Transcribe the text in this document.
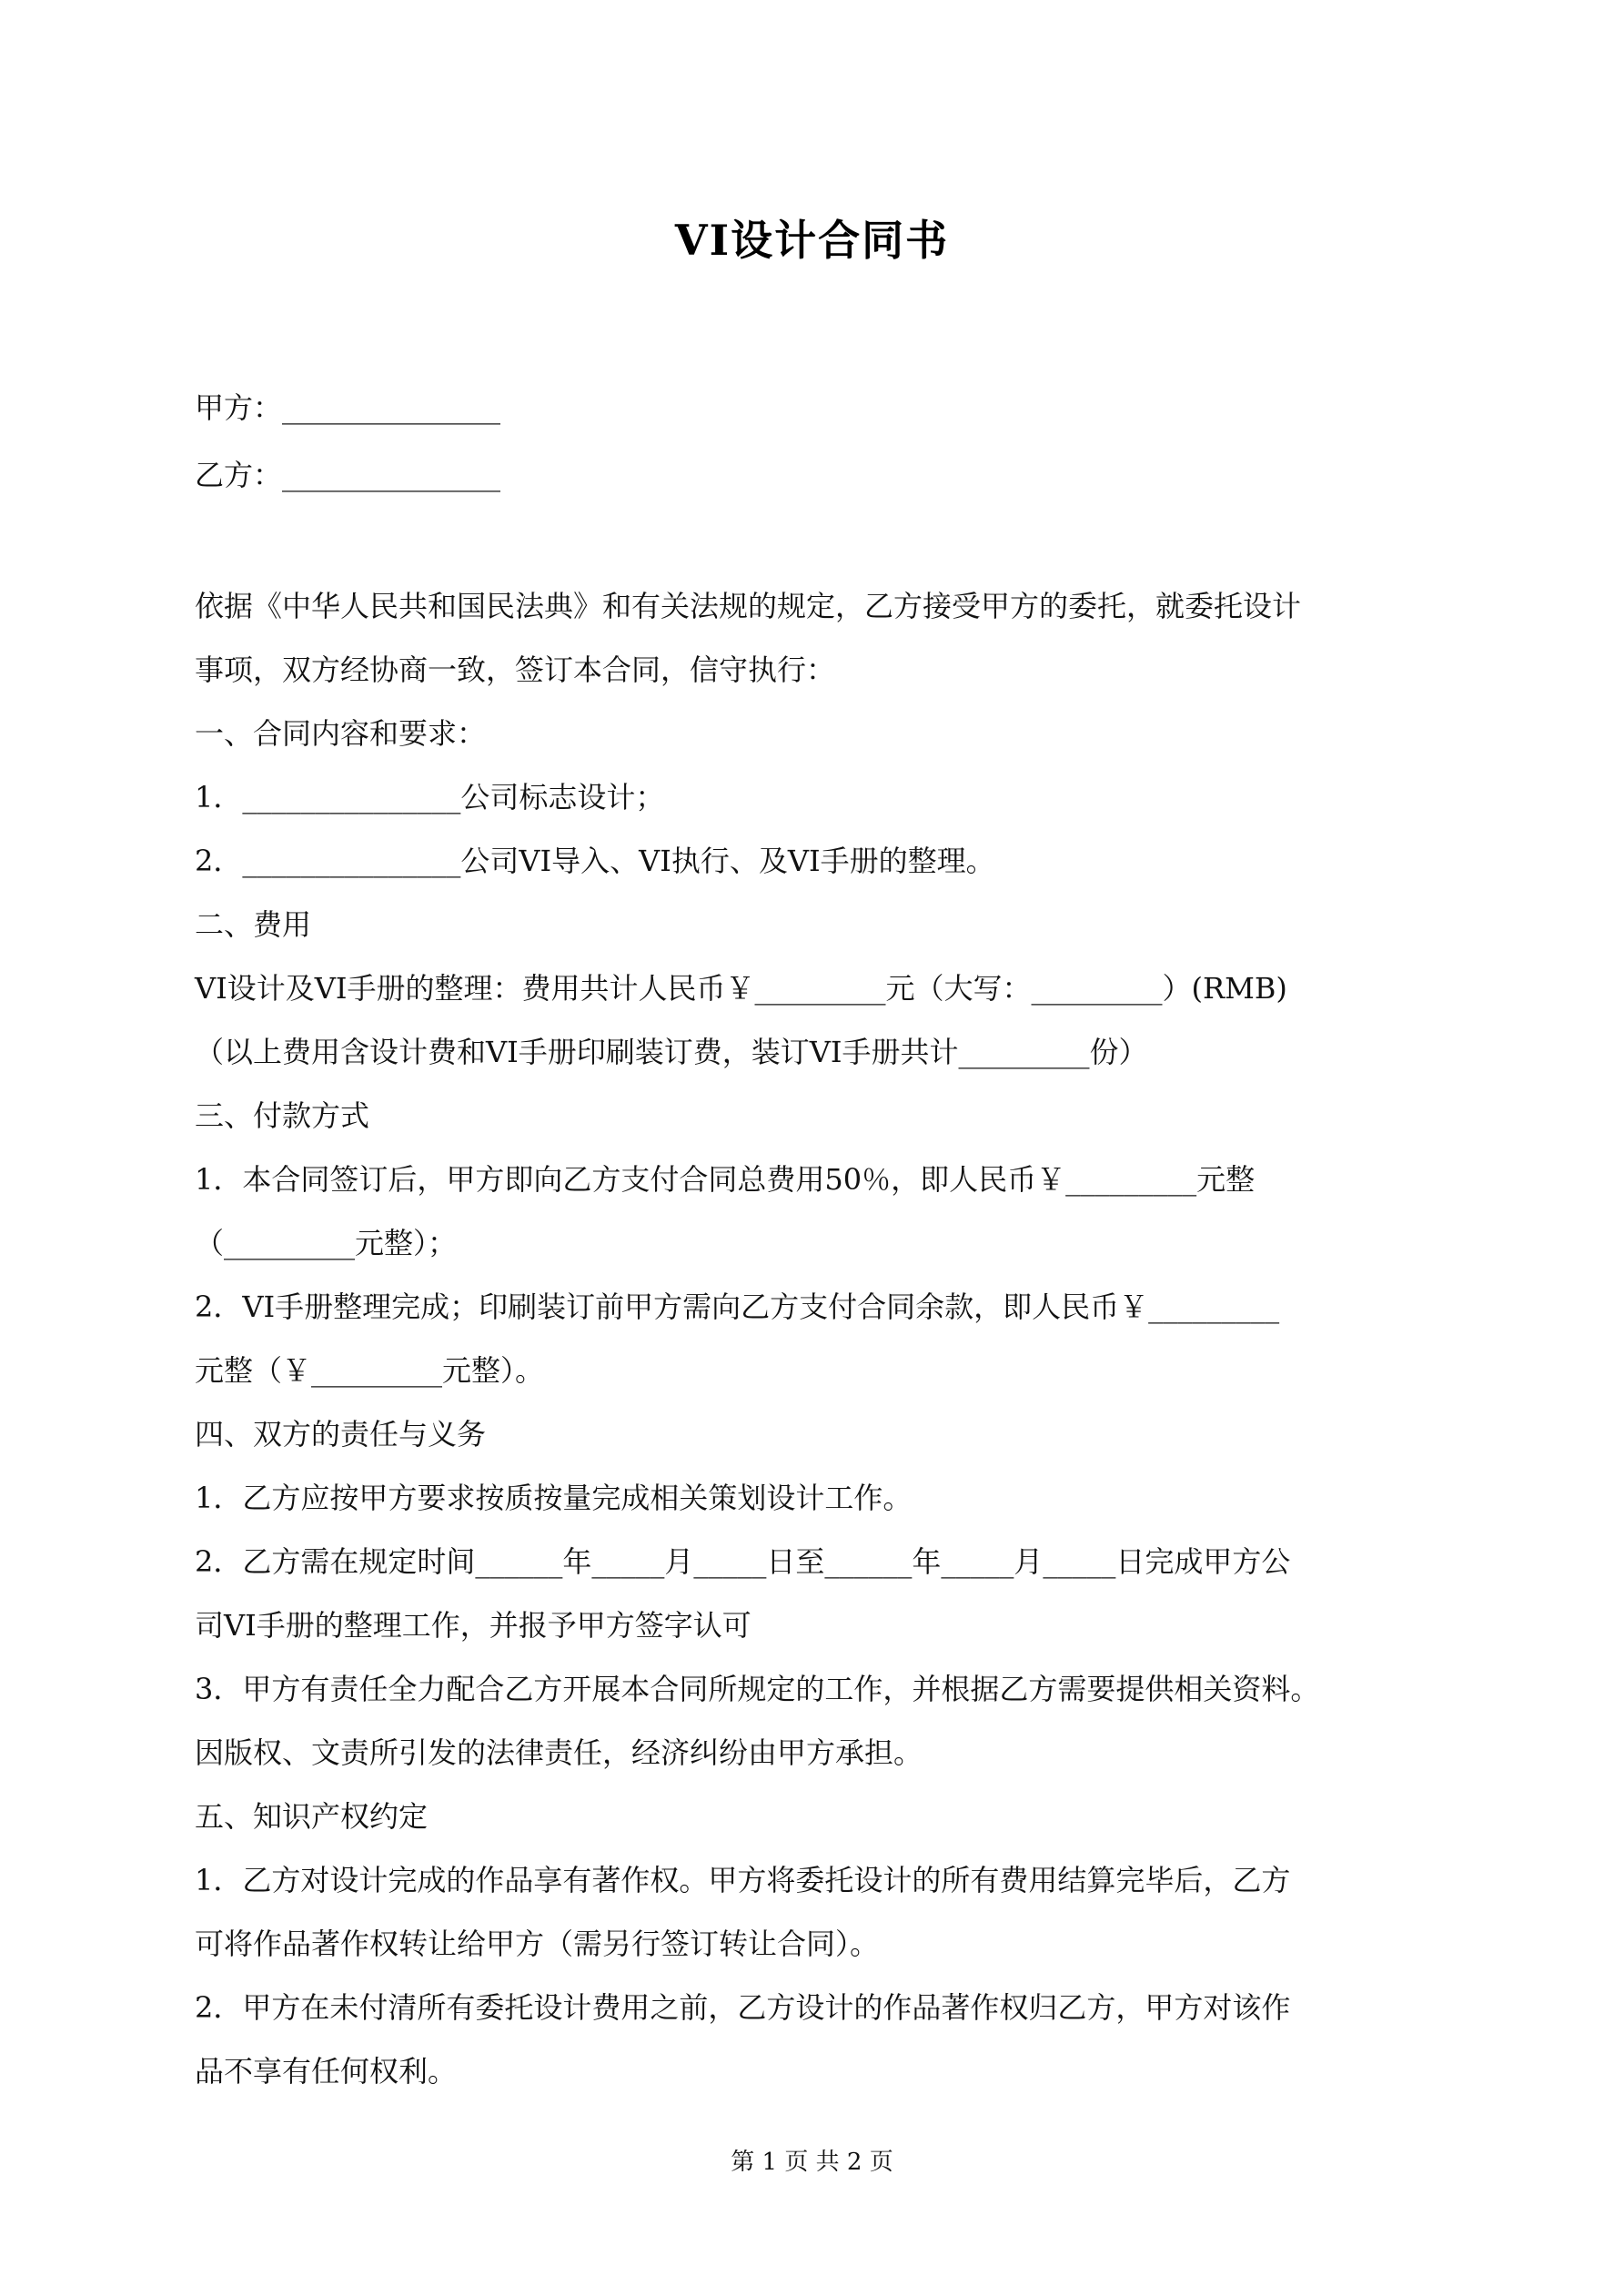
VI设计合同书
甲方：_______________
乙方：_______________
依据《中华人民共和国民法典》和有关法规的规定，乙方接受甲方的委托，就委托设计
事项，双方经协商一致，签订本合同，信守执行：
一、合同内容和要求：
1．_______________公司标志设计；
2．_______________公司VI导入、VI执行、及VI手册的整理。
二、费用
VI设计及VI手册的整理：费用共计人民币￥_________元（大写：_________）(RMB)
（以上费用含设计费和VI手册印刷装订费，装订VI手册共计_________份）
三、付款方式
1．本合同签订后，甲方即向乙方支付合同总费用50％，即人民币￥_________元整
（_________元整）；
2．VI手册整理完成；印刷装订前甲方需向乙方支付合同余款，即人民币￥_________
元整（￥_________元整）。
四、双方的责任与义务
1．乙方应按甲方要求按质按量完成相关策划设计工作。
2．乙方需在规定时间______年_____月_____日至______年_____月_____日完成甲方公
司VI手册的整理工作，并报予甲方签字认可
3．甲方有责任全力配合乙方开展本合同所规定的工作，并根据乙方需要提供相关资料。
因版权、文责所引发的法律责任，经济纠纷由甲方承担。
五、知识产权约定
1．乙方对设计完成的作品享有著作权。甲方将委托设计的所有费用结算完毕后，乙方
可将作品著作权转让给甲方（需另行签订转让合同）。
2．甲方在未付清所有委托设计费用之前，乙方设计的作品著作权归乙方，甲方对该作
品不享有任何权利。
第 1 页 共 2 页
